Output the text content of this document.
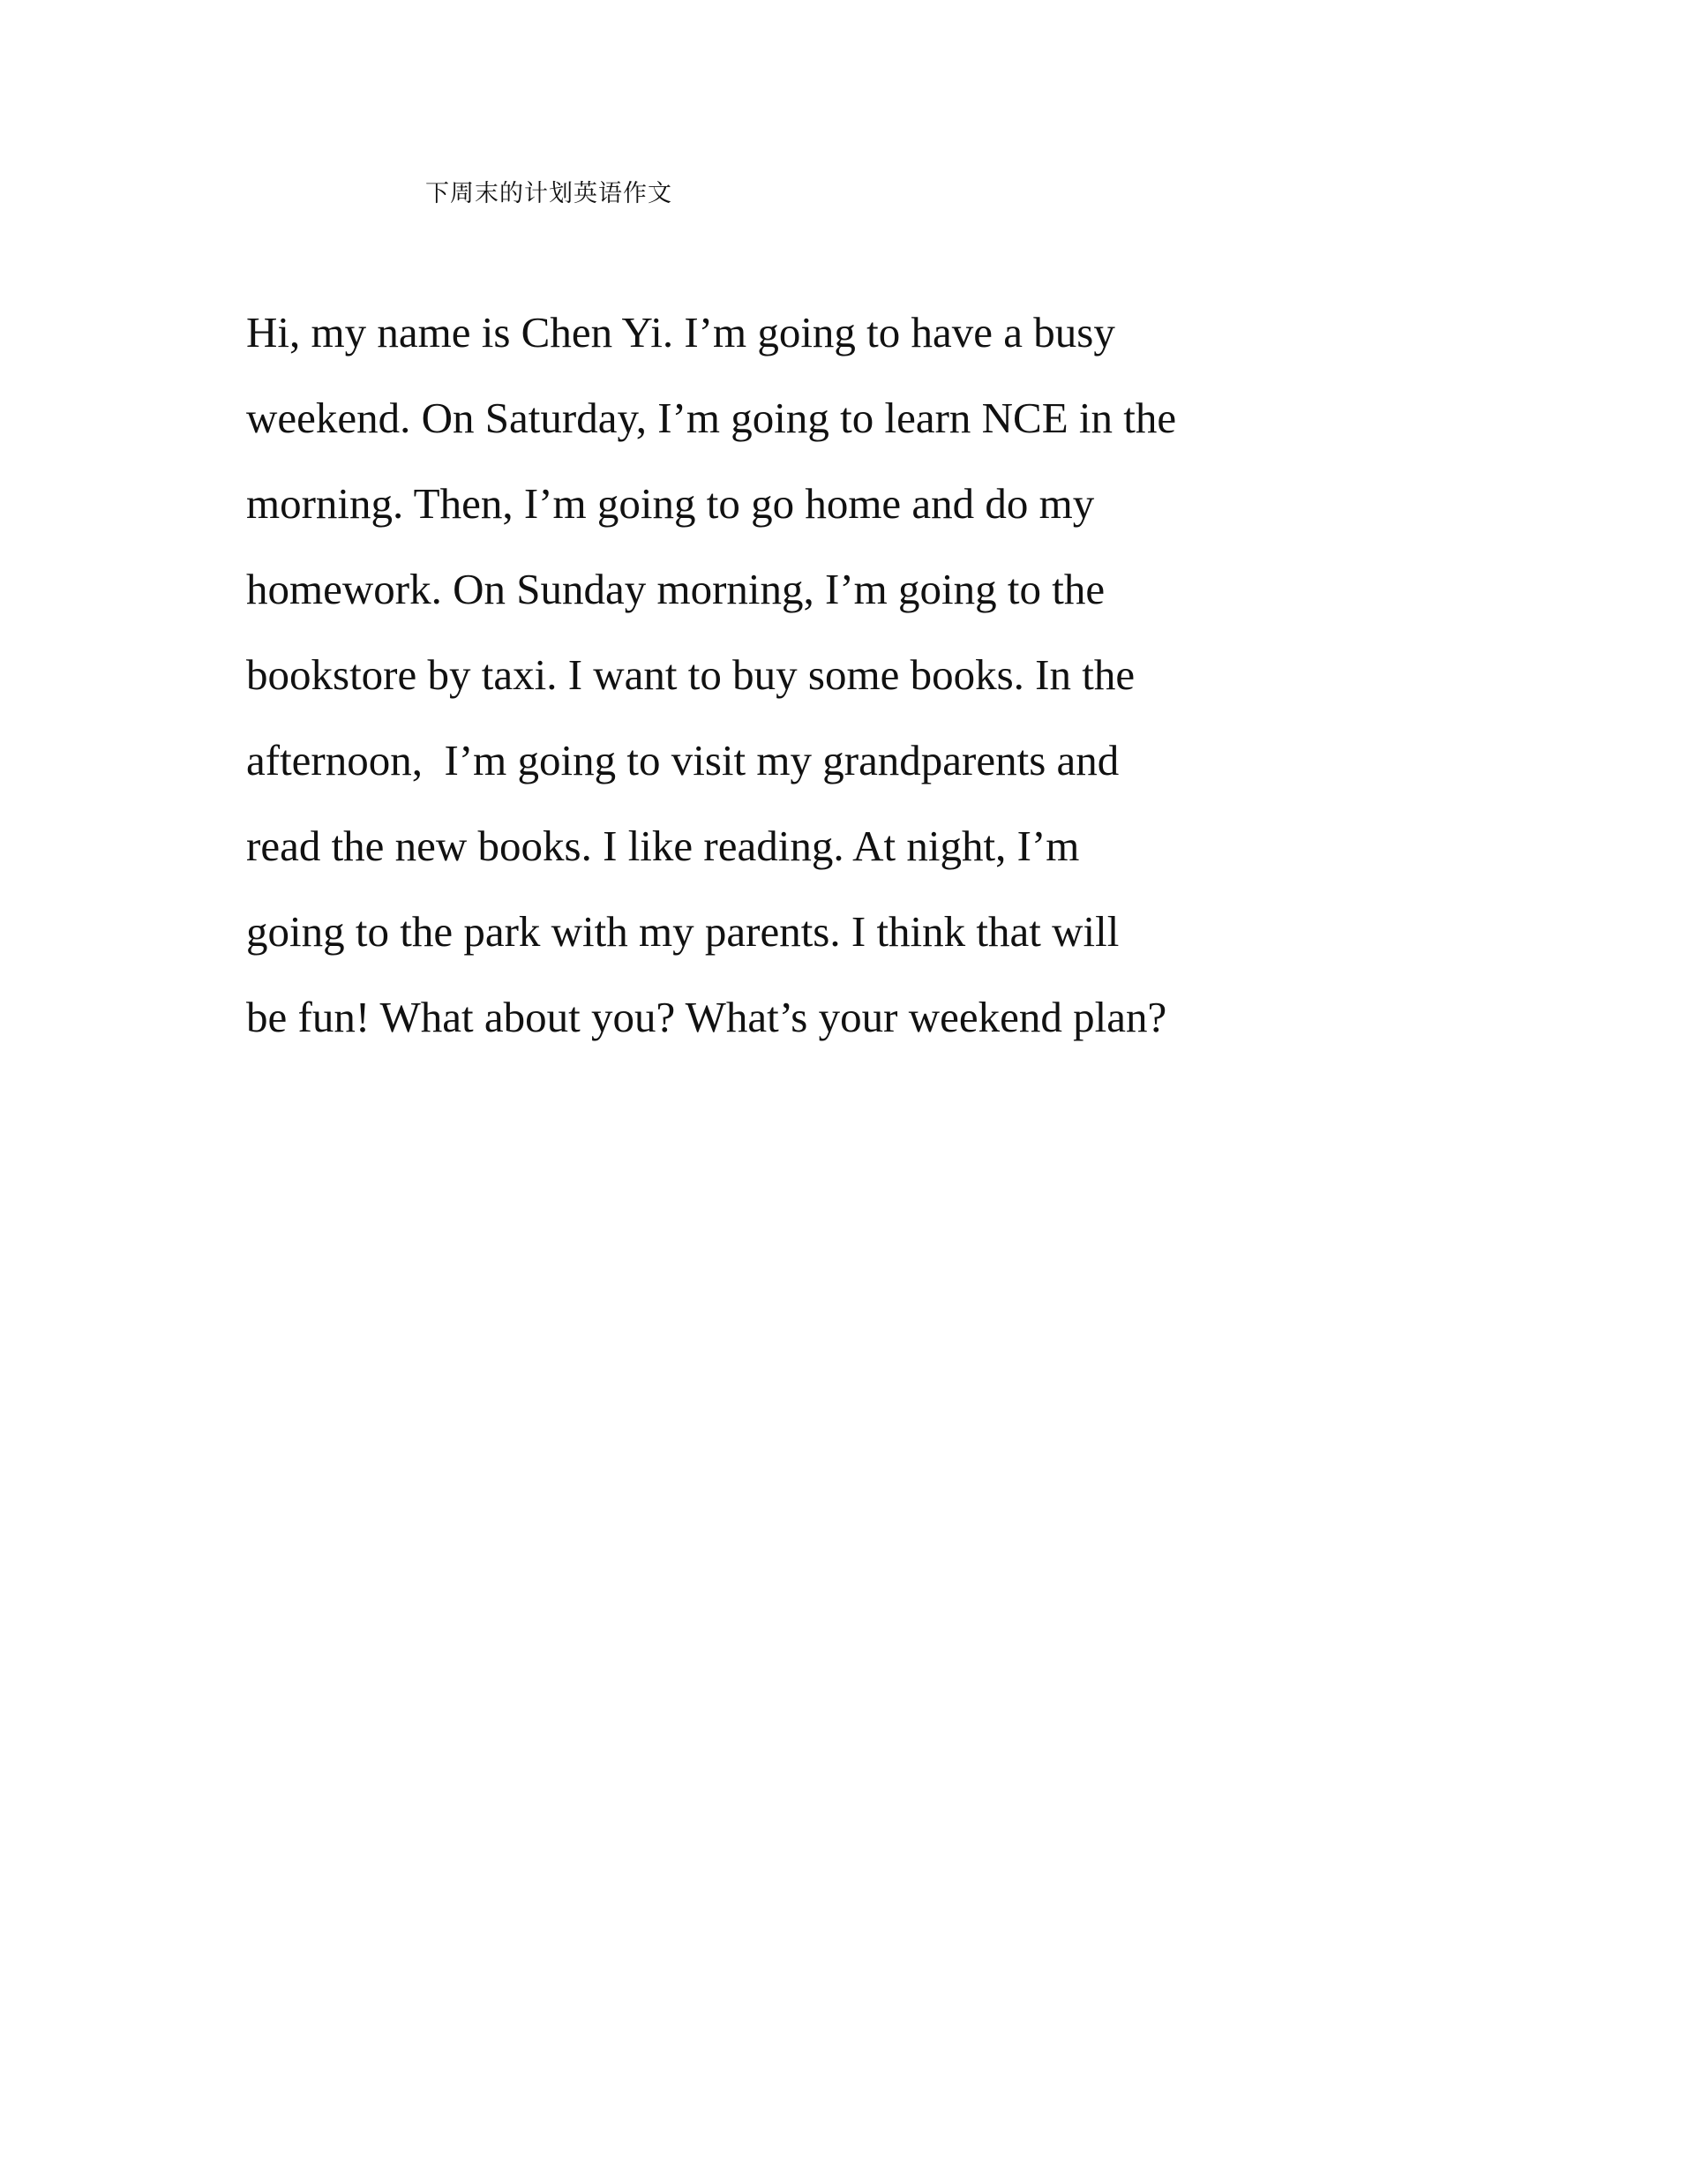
下周末的计划英语作文
Hi, my name is Chen Yi. I’m going to have a busy
weekend. On Saturday, I’m going to learn NCE in the
morning. Then, I’m going to go home and do my
homework. On Sunday morning, I’m going to the
bookstore by taxi. I want to buy some books. In the
afternoon,  I’m going to visit my grandparents and
read the new books. I like reading. At night, I’m
going to the park with my parents. I think that will
be fun! What about you? What’s your weekend plan?
